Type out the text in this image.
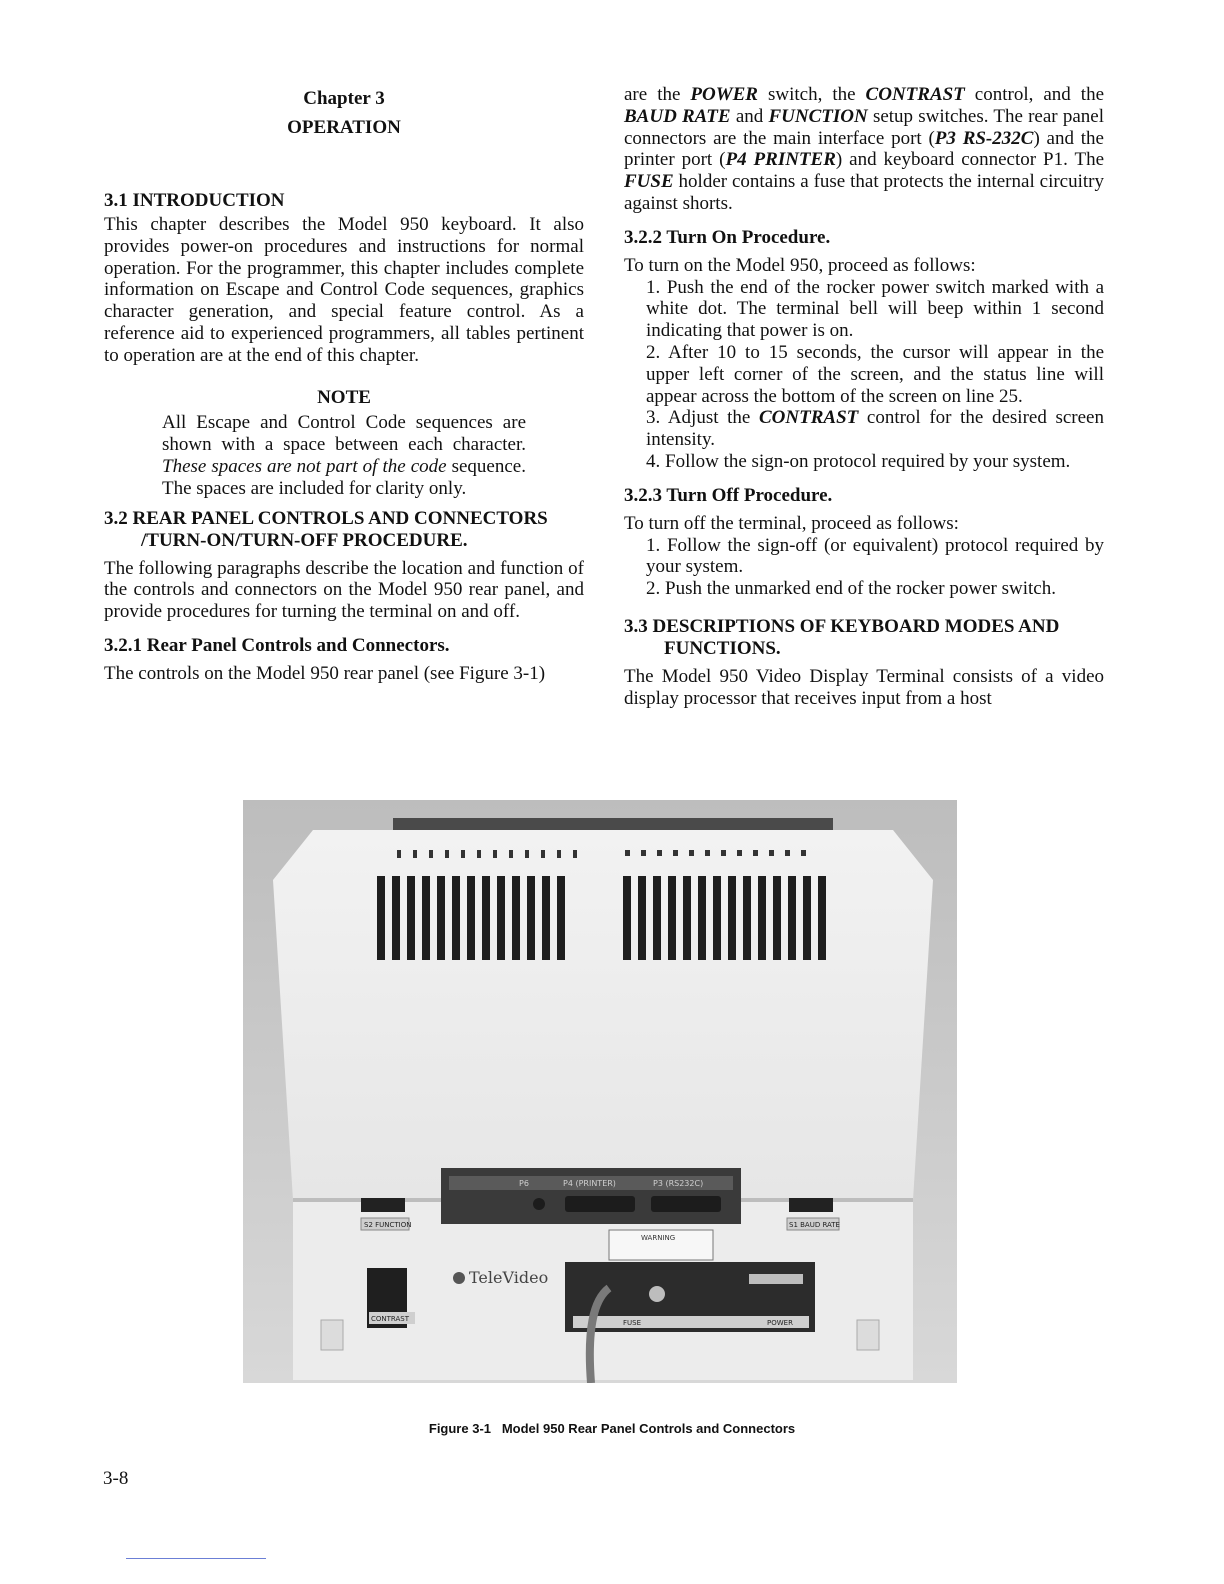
Chapter 3
OPERATION
3.1 INTRODUCTION

This chapter describes the Model 950 keyboard. It also provides power-on procedures and instructions for normal operation. For the programmer, this chapter includes complete information on Escape and Control Code sequences, graphics character generation, and special feature control. As a reference aid to experienced programmers, all tables pertinent to operation are at the end of this chapter.

NOTE
All Escape and Control Code sequences are shown with a space between each character. These spaces are not part of the code sequence. The spaces are included for clarity only.
3.2 REAR PANEL CONTROLS AND CONNECTORS /TURN-ON/TURN-OFF PROCEDURE.

The following paragraphs describe the location and function of the controls and connectors on the Model 950 rear panel, and provide procedures for turning the terminal on and off.

3.2.1 Rear Panel Controls and Connectors.

The controls on the Model 950 rear panel (see Figure 3-1)

are the POWER switch, the CONTRAST control, and the BAUD RATE and FUNCTION setup switches. The rear panel connectors are the main interface port (P3 RS-232C) and the printer port (P4 PRINTER) and keyboard connector P1. The FUSE holder contains a fuse that protects the internal circuitry against shorts.

3.2.2 Turn On Procedure.

To turn on the Model 950, proceed as follows:

1. Push the end of the rocker power switch marked with a white dot. The terminal bell will beep within 1 second indicating that power is on.
2. After 10 to 15 seconds, the cursor will appear in the upper left corner of the screen, and the status line will appear across the bottom of the screen on line 25.
3. Adjust the CONTRAST control for the desired screen intensity.
4. Follow the sign-on protocol required by your system.
3.2.3 Turn Off Procedure.

To turn off the terminal, proceed as follows:

1. Follow the sign-off (or equivalent) protocol required by your system.
2. Push the unmarked end of the rocker power switch.
3.3 DESCRIPTIONS OF KEYBOARD MODES AND FUNCTIONS.

The Model 950 Video Display Terminal consists of a video display processor that receives input from a host

P6	P4 (PRINTER)	P3 (RS232C)
S2 FUNCTION	S1 BAUD RATE
WARNING
TeleVideo
CONTRAST	FUSE	POWER
Figure 3-1   Model 950 Rear Panel Controls and Connectors
3-8
